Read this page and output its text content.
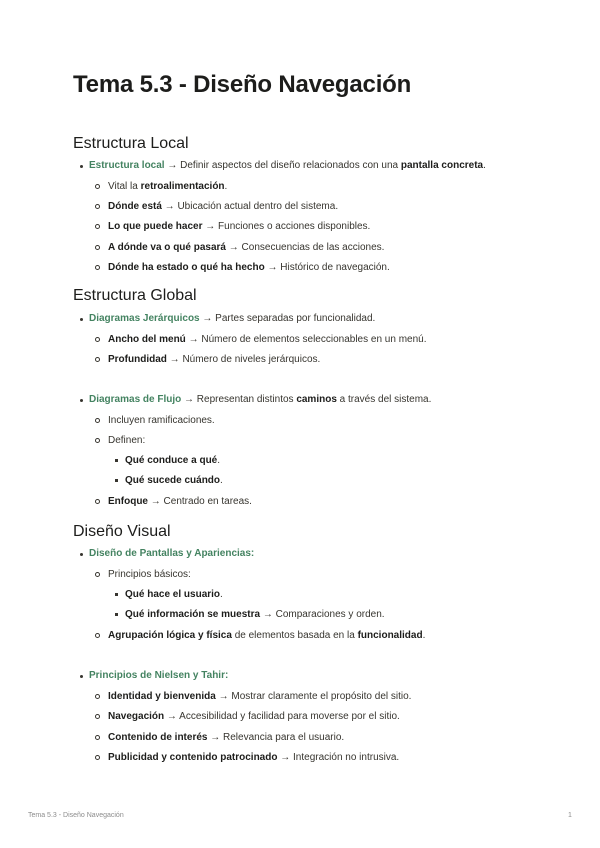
Tema 5.3 - Diseño Navegación
Estructura Local
Estructura local → Definir aspectos del diseño relacionados con una pantalla concreta.
Vital la retroalimentación.
Dónde está → Ubicación actual dentro del sistema.
Lo que puede hacer → Funciones o acciones disponibles.
A dónde va o qué pasará → Consecuencias de las acciones.
Dónde ha estado o qué ha hecho → Histórico de navegación.
Estructura Global
Diagramas Jerárquicos → Partes separadas por funcionalidad.
Ancho del menú → Número de elementos seleccionables en un menú.
Profundidad → Número de niveles jerárquicos.
Diagramas de Flujo → Representan distintos caminos a través del sistema.
Incluyen ramificaciones.
Definen:
Qué conduce a qué.
Qué sucede cuándo.
Enfoque → Centrado en tareas.
Diseño Visual
Diseño de Pantallas y Apariencias:
Principios básicos:
Qué hace el usuario.
Qué información se muestra → Comparaciones y orden.
Agrupación lógica y física de elementos basada en la funcionalidad.
Principios de Nielsen y Tahir:
Identidad y bienvenida → Mostrar claramente el propósito del sitio.
Navegación → Accesibilidad y facilidad para moverse por el sitio.
Contenido de interés → Relevancia para el usuario.
Publicidad y contenido patrocinado → Integración no intrusiva.
Tema 5.3 - Diseño Navegación	1
